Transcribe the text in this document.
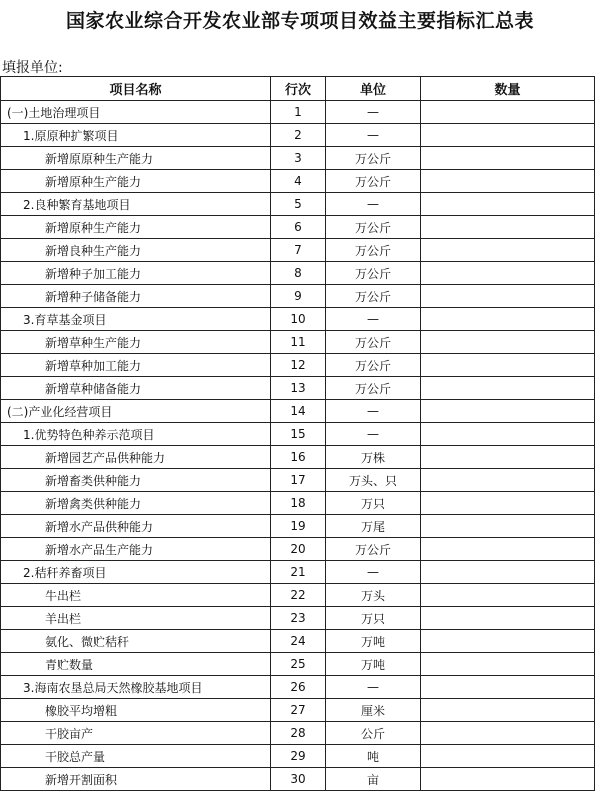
国家农业综合开发农业部专项项目效益主要指标汇总表
填报单位:
项目名称	行次	单位	数量
(一)土地治理项目	1	—	
1.原原种扩繁项目	2	—	
新增原原种生产能力	3	万公斤	
新增原种生产能力	4	万公斤	
2.良种繁育基地项目	5	—	
新增原种生产能力	6	万公斤	
新增良种生产能力	7	万公斤	
新增种子加工能力	8	万公斤	
新增种子储备能力	9	万公斤	
3.育草基金项目	10	—	
新增草种生产能力	11	万公斤	
新增草种加工能力	12	万公斤	
新增草种储备能力	13	万公斤	
(二)产业化经营项目	14	—	
1.优势特色种养示范项目	15	—	
新增园艺产品供种能力	16	万株	
新增畜类供种能力	17	万头、只	
新增禽类供种能力	18	万只	
新增水产品供种能力	19	万尾	
新增水产品生产能力	20	万公斤	
2.秸秆养畜项目	21	—	
牛出栏	22	万头	
羊出栏	23	万只	
氨化、微贮秸秆	24	万吨	
青贮数量	25	万吨	
3.海南农垦总局天然橡胶基地项目	26	—	
橡胶平均增粗	27	厘米	
干胶亩产	28	公斤	
干胶总产量	29	吨	
新增开割面积	30	亩	
